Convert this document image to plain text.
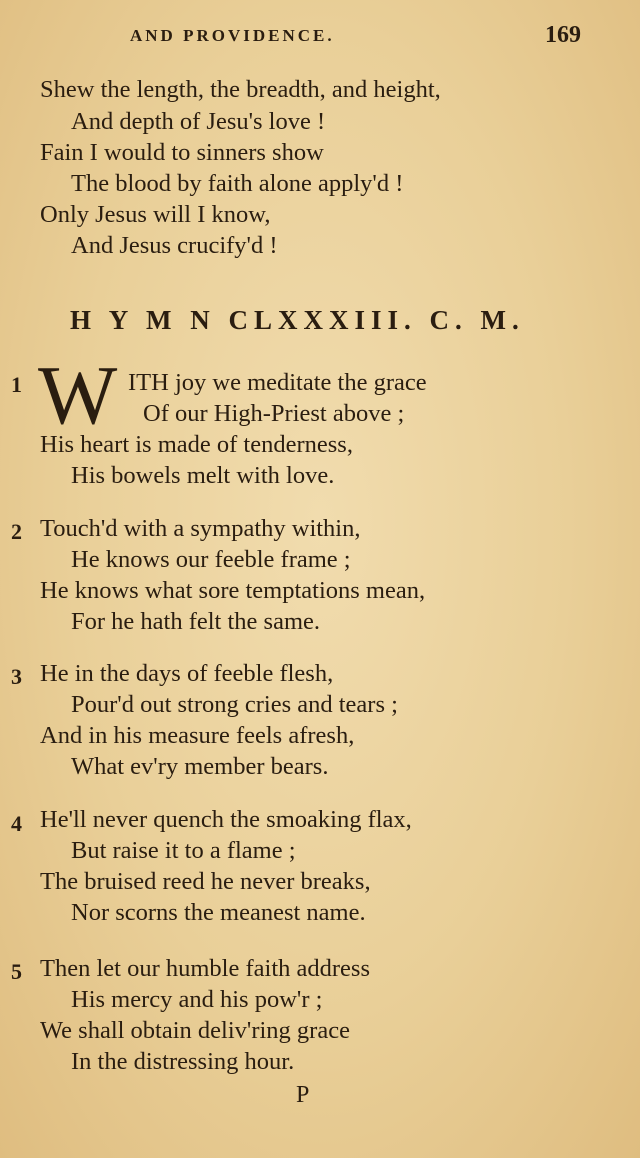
AND PROVIDENCE.	169
Shew the length, the breadth, and height,
And depth of Jesu's love !
Fain I would to sinners show
The blood by faith alone apply'd !
Only Jesus will I know,
And Jesus crucify'd !
H Y M N CLXXXIII. C. M.
1 W ITH joy we meditate the grace
Of our High-Priest above ;
His heart is made of tenderness,
His bowels melt with love.
2 Touch'd with a sympathy within,
He knows our feeble frame ;
He knows what sore temptations mean,
For he hath felt the same.
3 He in the days of feeble flesh,
Pour'd out strong cries and tears ;
And in his measure feels afresh,
What ev'ry member bears.
4 He'll never quench the smoaking flax,
But raise it to a flame ;
The bruised reed he never breaks,
Nor scorns the meanest name.
5 Then let our humble faith address
His mercy and his pow'r ;
We shall obtain deliv'ring grace
In the distressing hour.
P
